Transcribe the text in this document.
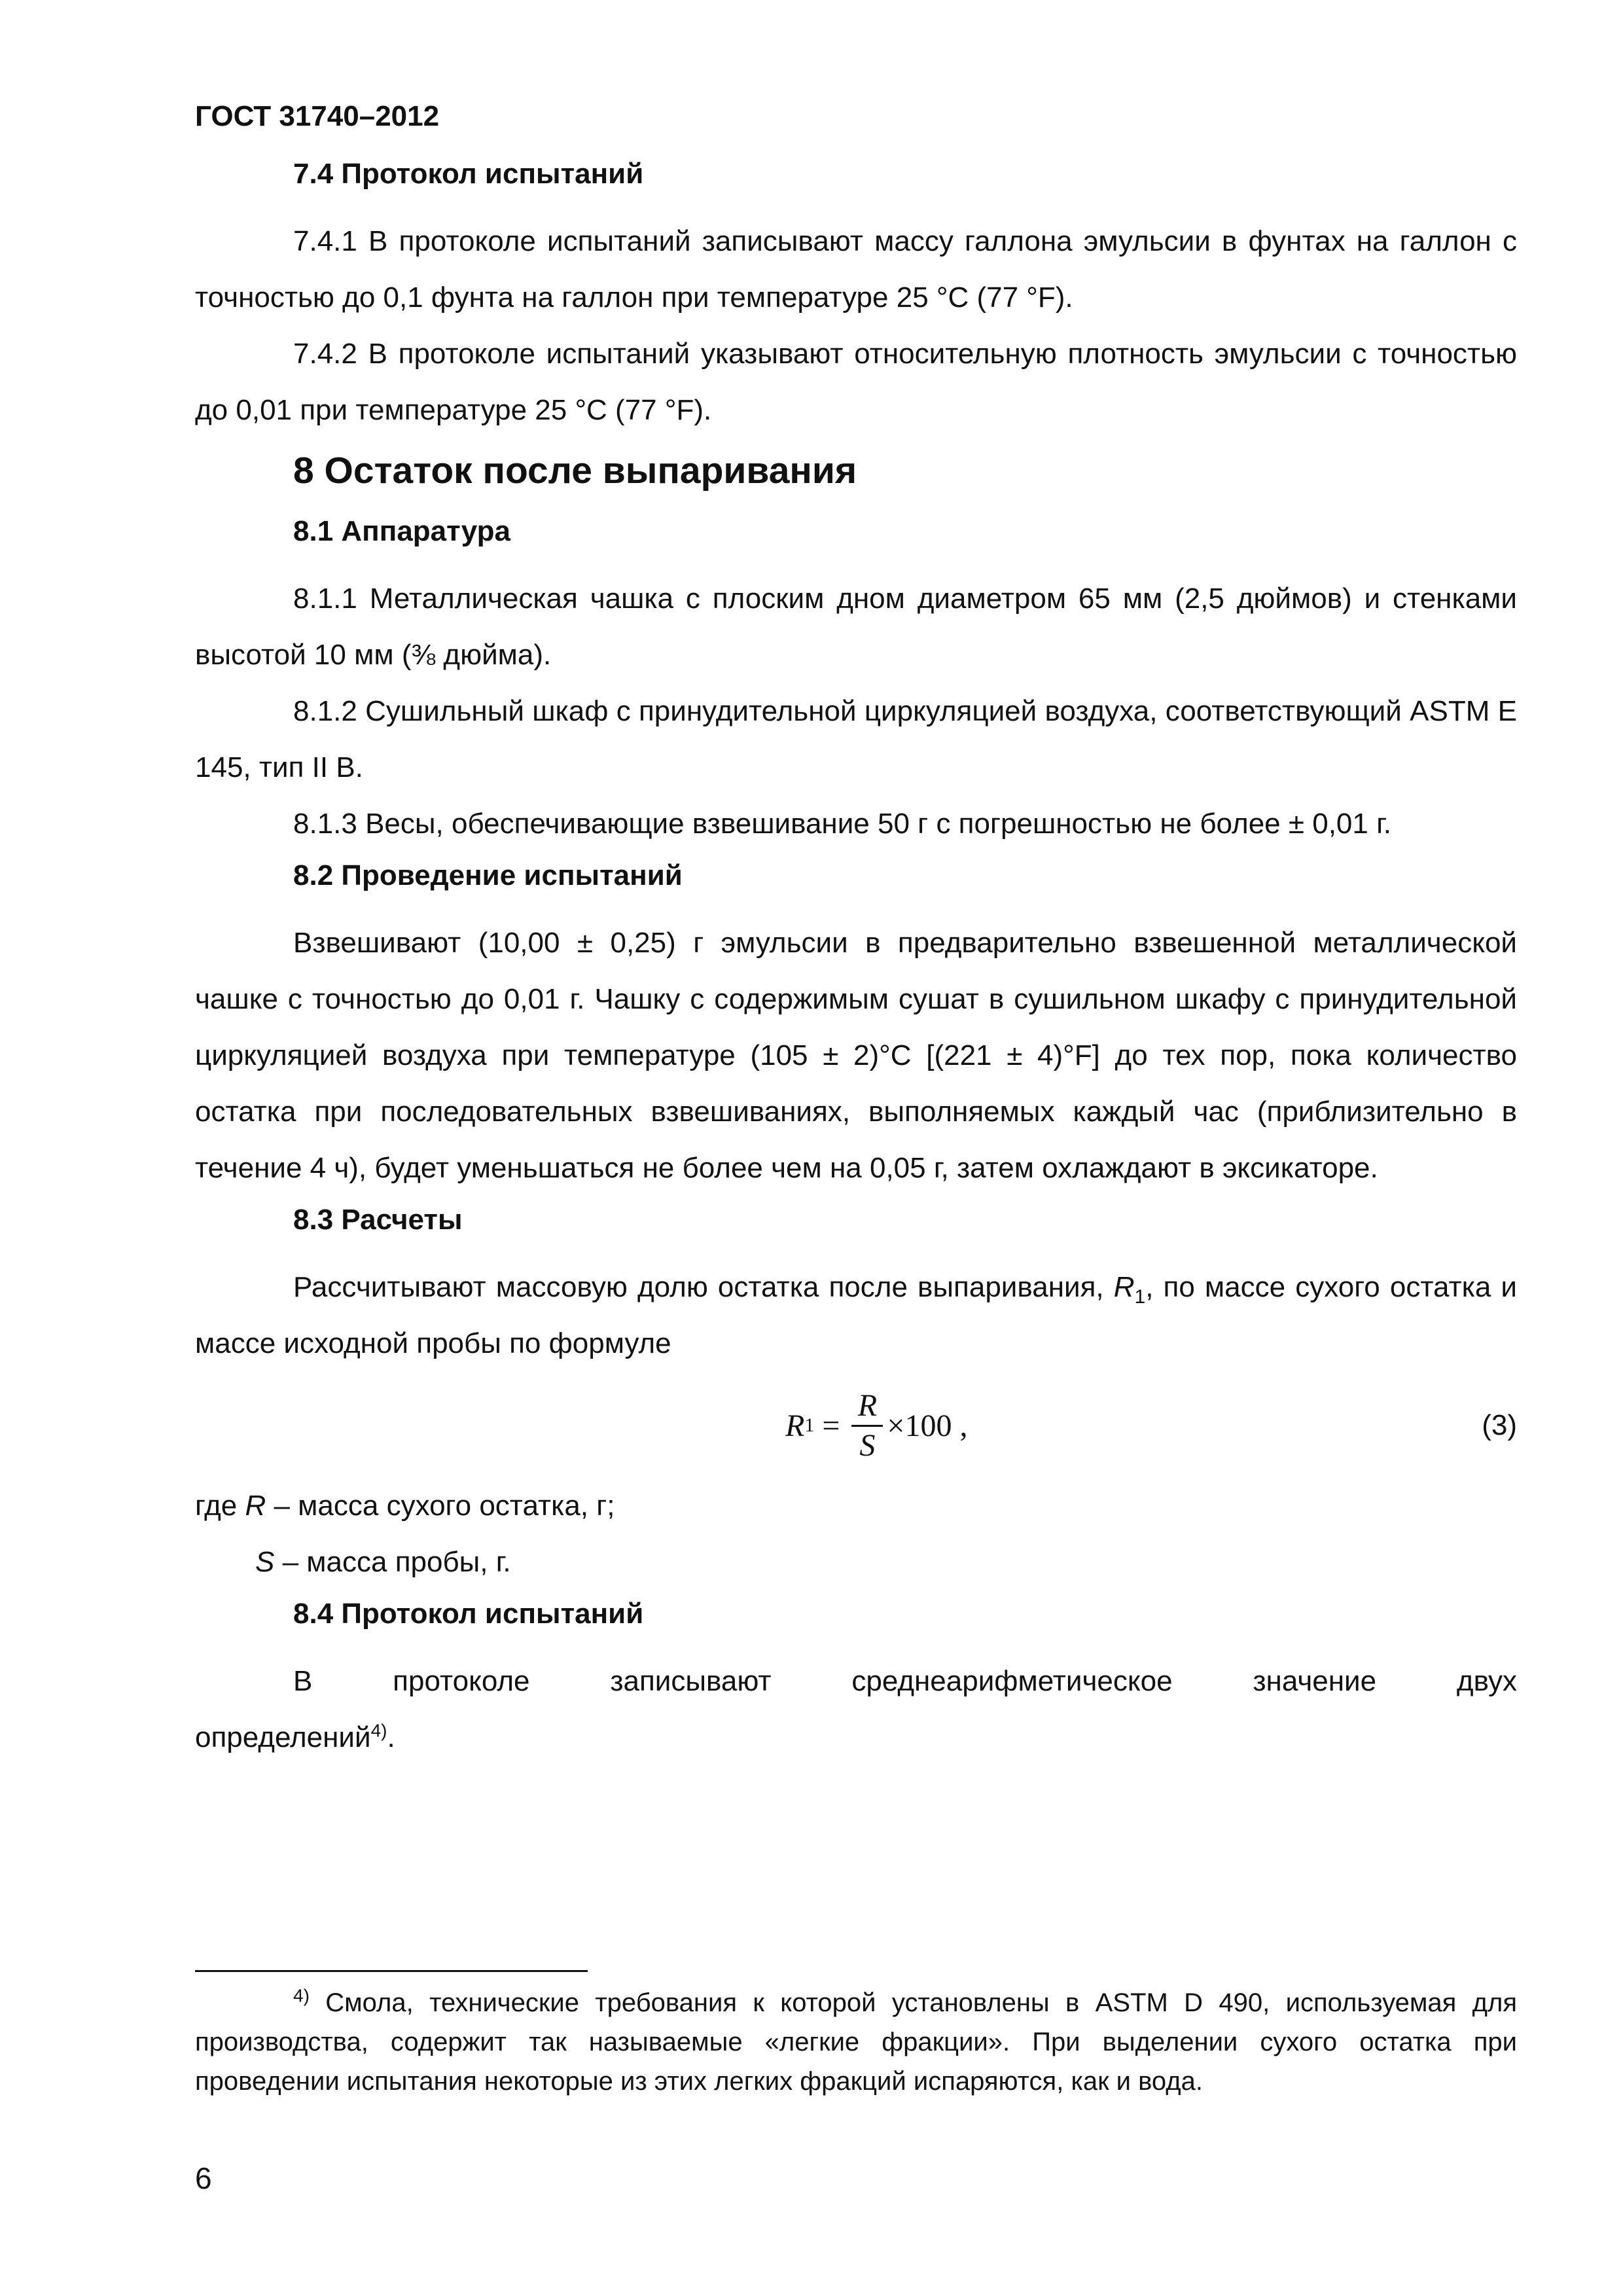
ГОСТ 31740–2012
7.4 Протокол испытаний

7.4.1 В протоколе испытаний записывают массу галлона эмульсии в фунтах на галлон с точностью до 0,1 фунта на галлон при температуре 25 °С (77 °F).

7.4.2 В протоколе испытаний указывают относительную плотность эмульсии с точностью до 0,01 при температуре 25 °С (77 °F).

8 Остаток после выпаривания
8.1 Аппаратура

8.1.1 Металлическая чашка с плоским дном диаметром 65 мм (2,5 дюймов) и стенками высотой 10 мм (⅜ дюйма).

8.1.2 Сушильный шкаф с принудительной циркуляцией воздуха, соответствующий ASTM Е 145, тип II В.

8.1.3 Весы, обеспечивающие взвешивание 50 г с погрешностью не более ± 0,01 г.

8.2 Проведение испытаний

Взвешивают (10,00 ± 0,25) г эмульсии в предварительно взвешенной металлической чашке с точностью до 0,01 г. Чашку с содержимым сушат в сушильном шкафу с принудительной циркуляцией воздуха при температуре (105 ± 2)°С [(221 ± 4)°F] до тех пор, пока количество остатка при последовательных взвешиваниях, выполняемых каждый час (приблизительно в течение 4 ч), будет уменьшаться не более чем на 0,05 г, затем охлаждают в эксикаторе.

8.3 Расчеты

Рассчитывают массовую долю остатка после выпаривания, $R_1$, по массе сухого остатка и массе исходной пробы по формуле

R $1 = \frac{R}{S} \times 100$ ,	(3)

где R – масса сухого остатка, г;

S – масса пробы, г.

8.4 Протокол испытаний

В протоколе записывают среднеарифметическое значение двух

определений$^{4)}$.

$^{4)}$ Смола, технические требования к которой установлены в ASTM D 490, используемая для производства, содержит так называемые «легкие фракции». При выделении сухого остатка при проведении испытания некоторые из этих легких фракций испаряются, как и вода.

6
